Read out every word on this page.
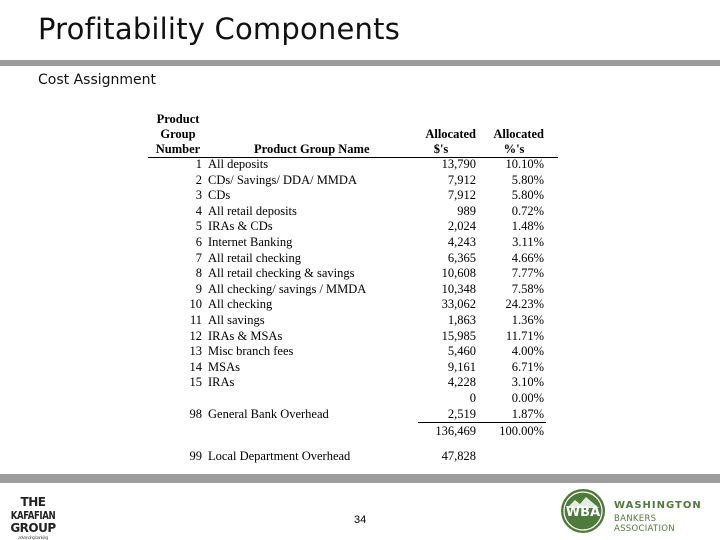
Profitability Components
Cost Assignment
Product
Group
Number	Product Group Name
Allocated
$'s
Allocated
%'s
1 All deposits	13,790 10.10%
2 CDs/ Savings/ DDA/ MMDA	7,912	5.80%
3 CDs	7,912	5.80%
4 All retail deposits	989	0.72%
5 IRAs & CDs	2,024	1.48%
6 Internet Banking	4,243	3.11%
7 All retail checking	6,365	4.66%
8 All retail checking & savings	10,608	7.77%
9 All checking/ savings / MMDA	10,348	7.58%
10 All checking	33,062 24.23%
11 All savings	1,863	1.36%
12 IRAs & MSAs	15,985 11.71%
13 Misc branch fees	5,460	4.00%
14 MSAs	9,161	6.71%
15 IRAs	4,228	3.10%
0	0.00%
98 General Bank Overhead	2,519	1.87%
136,469 100.00%
99 Local Department Overhead	47,828
THE
KAFAFIAN
GROUP
advancing banking
34	WBA WASHINGTON
BANKERS ASSOCIATION
